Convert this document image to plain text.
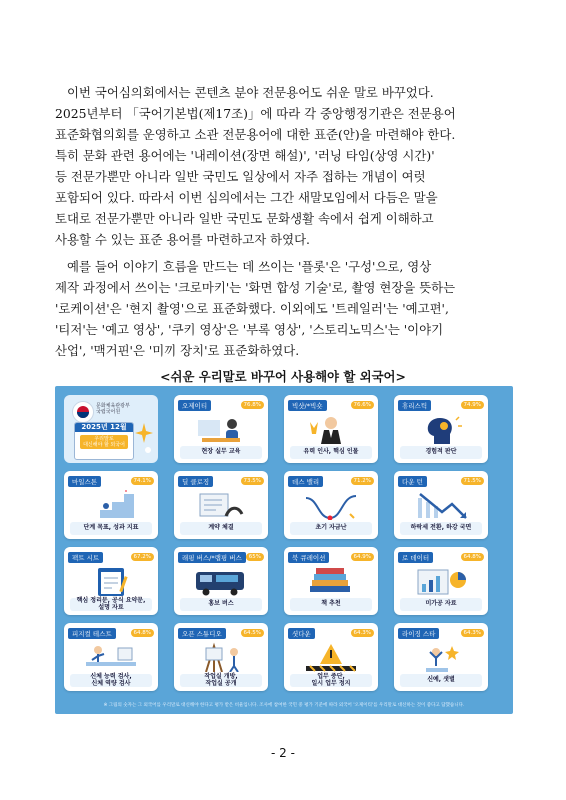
이번 국어심의회에서는 콘텐츠 분야 전문용어도 쉬운 말로 바꾸었다.
2025년부터 「국어기본법(제17조)」에 따라 각 중앙행정기관은 전문용어
표준화협의회를 운영하고 소관 전문용어에 대한 표준(안)을 마련해야 한다.
특히 문화 관련 용어에는 '내레이션(장면 해설)', '러닝 타임(상영 시간)'
등 전문가뿐만 아니라 일반 국민도 일상에서 자주 접하는 개념이 여럿
포함되어 있다. 따라서 이번 심의에서는 그간 새말모임에서 다듬은 말을
토대로 전문가뿐만 아니라 일반 국민도 문화생활 속에서 쉽게 이해하고
사용할 수 있는 표준 용어를 마련하고자 하였다.
예를 들어 이야기 흐름을 만드는 데 쓰이는 '플롯'은 '구성'으로, 영상
제작 과정에서 쓰이는 '크로마키'는 '화면 합성 기술'로, 촬영 현장을 뜻하는
'로케이션'은 '현지 촬영'으로 표준화했다. 이외에도 '트레일러'는 '예고편',
'티저'는 '예고 영상', '쿠키 영상'은 '부록 영상', '스토리노믹스'는 '이야기
산업', '맥거핀'은 '미끼 장치'로 표준화하였다.
<쉬운 우리말로 바꾸어 사용해야 할 외국어>
문화체육관광부
국립국어원
2025년 12월
우리말로
대신해야 할 외국어
오제이티	76.8%
현장 실무 교육
빅샷/*빅숏	76.6%
유력 인사, 핵심 인물
휴리스틱	74.9%
경험적 판단
마일스톤	74.1%
단계 목표, 성과 지표
딜 클로징	73.5%
계약 체결
데스 밸리	71.2%
초기 자금난
다운 턴	71.5%
하락세 전환, 하강 국면
팩트 시트	67.2%
핵심 정리문, 공식 요약문,
설명 자료
래핑 버스/*랩핑 버스	65%
홍보 버스
북 큐레이션	64.9%
책 추천
로 데이터	64.8%
미가공 자료
피지컬 테스트	64.8%
신체 능력 검사,
신체 역량 검사
오픈 스튜디오	64.5%
작업실 개방,
작업실 공개
셧다운	64.3%
업무 중단,
일시 업무 정지
라이징 스타	64.3%
신예, 샛별
※ 그림의 숫자는 그 외국어를 우리말로 대신해야 한다고 평가 받은 비율입니다. 조사에 참여한 국민 중 평가 기준에 따라 외국어 '오제이티'를 우리말로 대신하는 것이 좋다고 답했습니다.
- 2 -
